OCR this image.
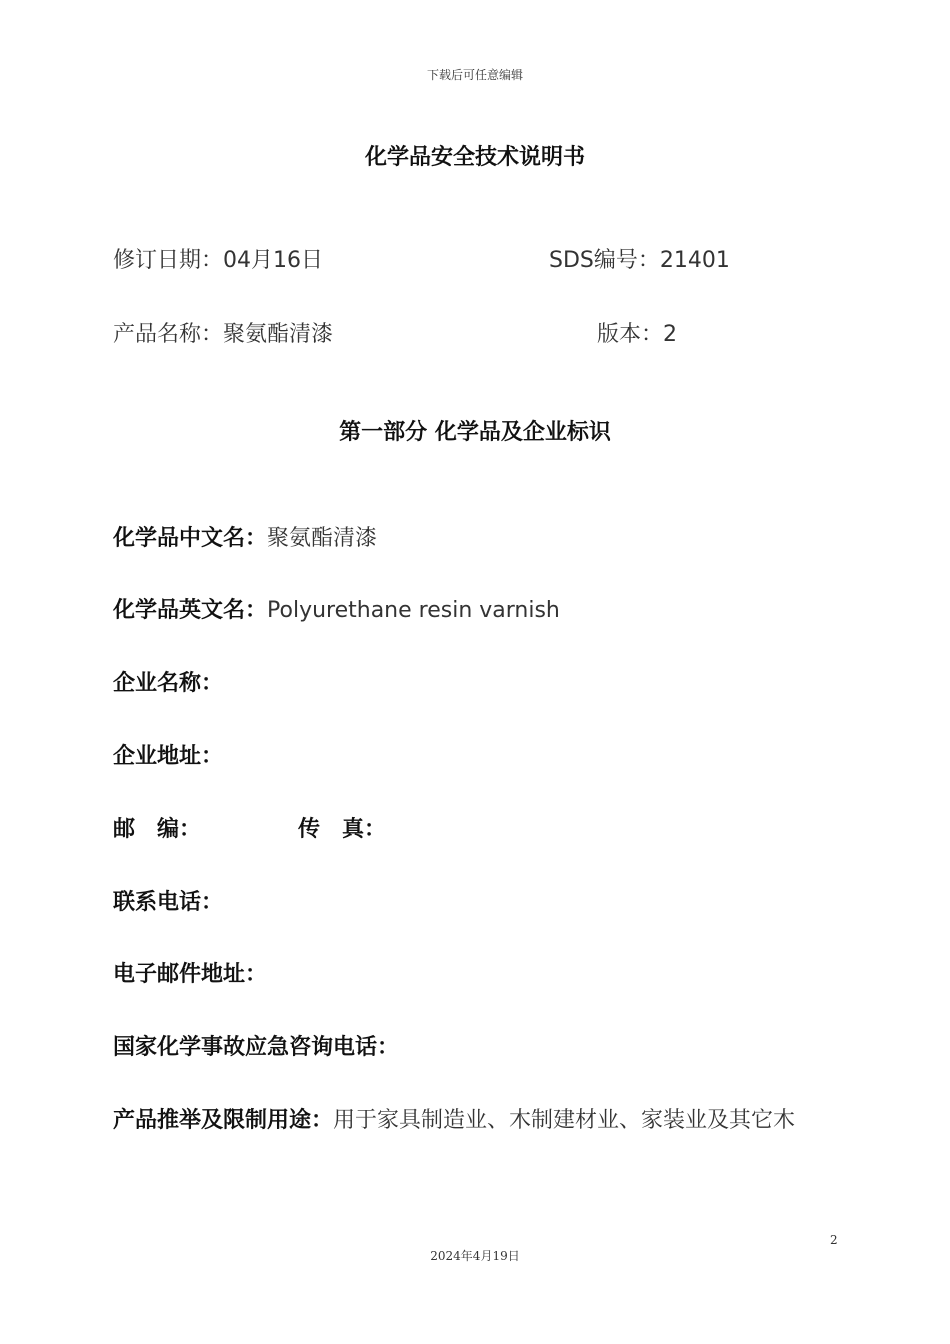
下载后可任意编辑
化学品安全技术说明书
修订日期：04月16日	SDS编号：21401
产品名称：聚氨酯清漆	版本：2
第一部分 化学品及企业标识
化学品中文名：聚氨酯清漆
化学品英文名：Polyurethane resin varnish
企业名称：
企业地址：
邮　编：	传　真：
联系电话：
电子邮件地址：
国家化学事故应急咨询电话：
产品推举及限制用途：用于家具制造业、木制建材业、家装业及其它木
2
2024年4月19日
